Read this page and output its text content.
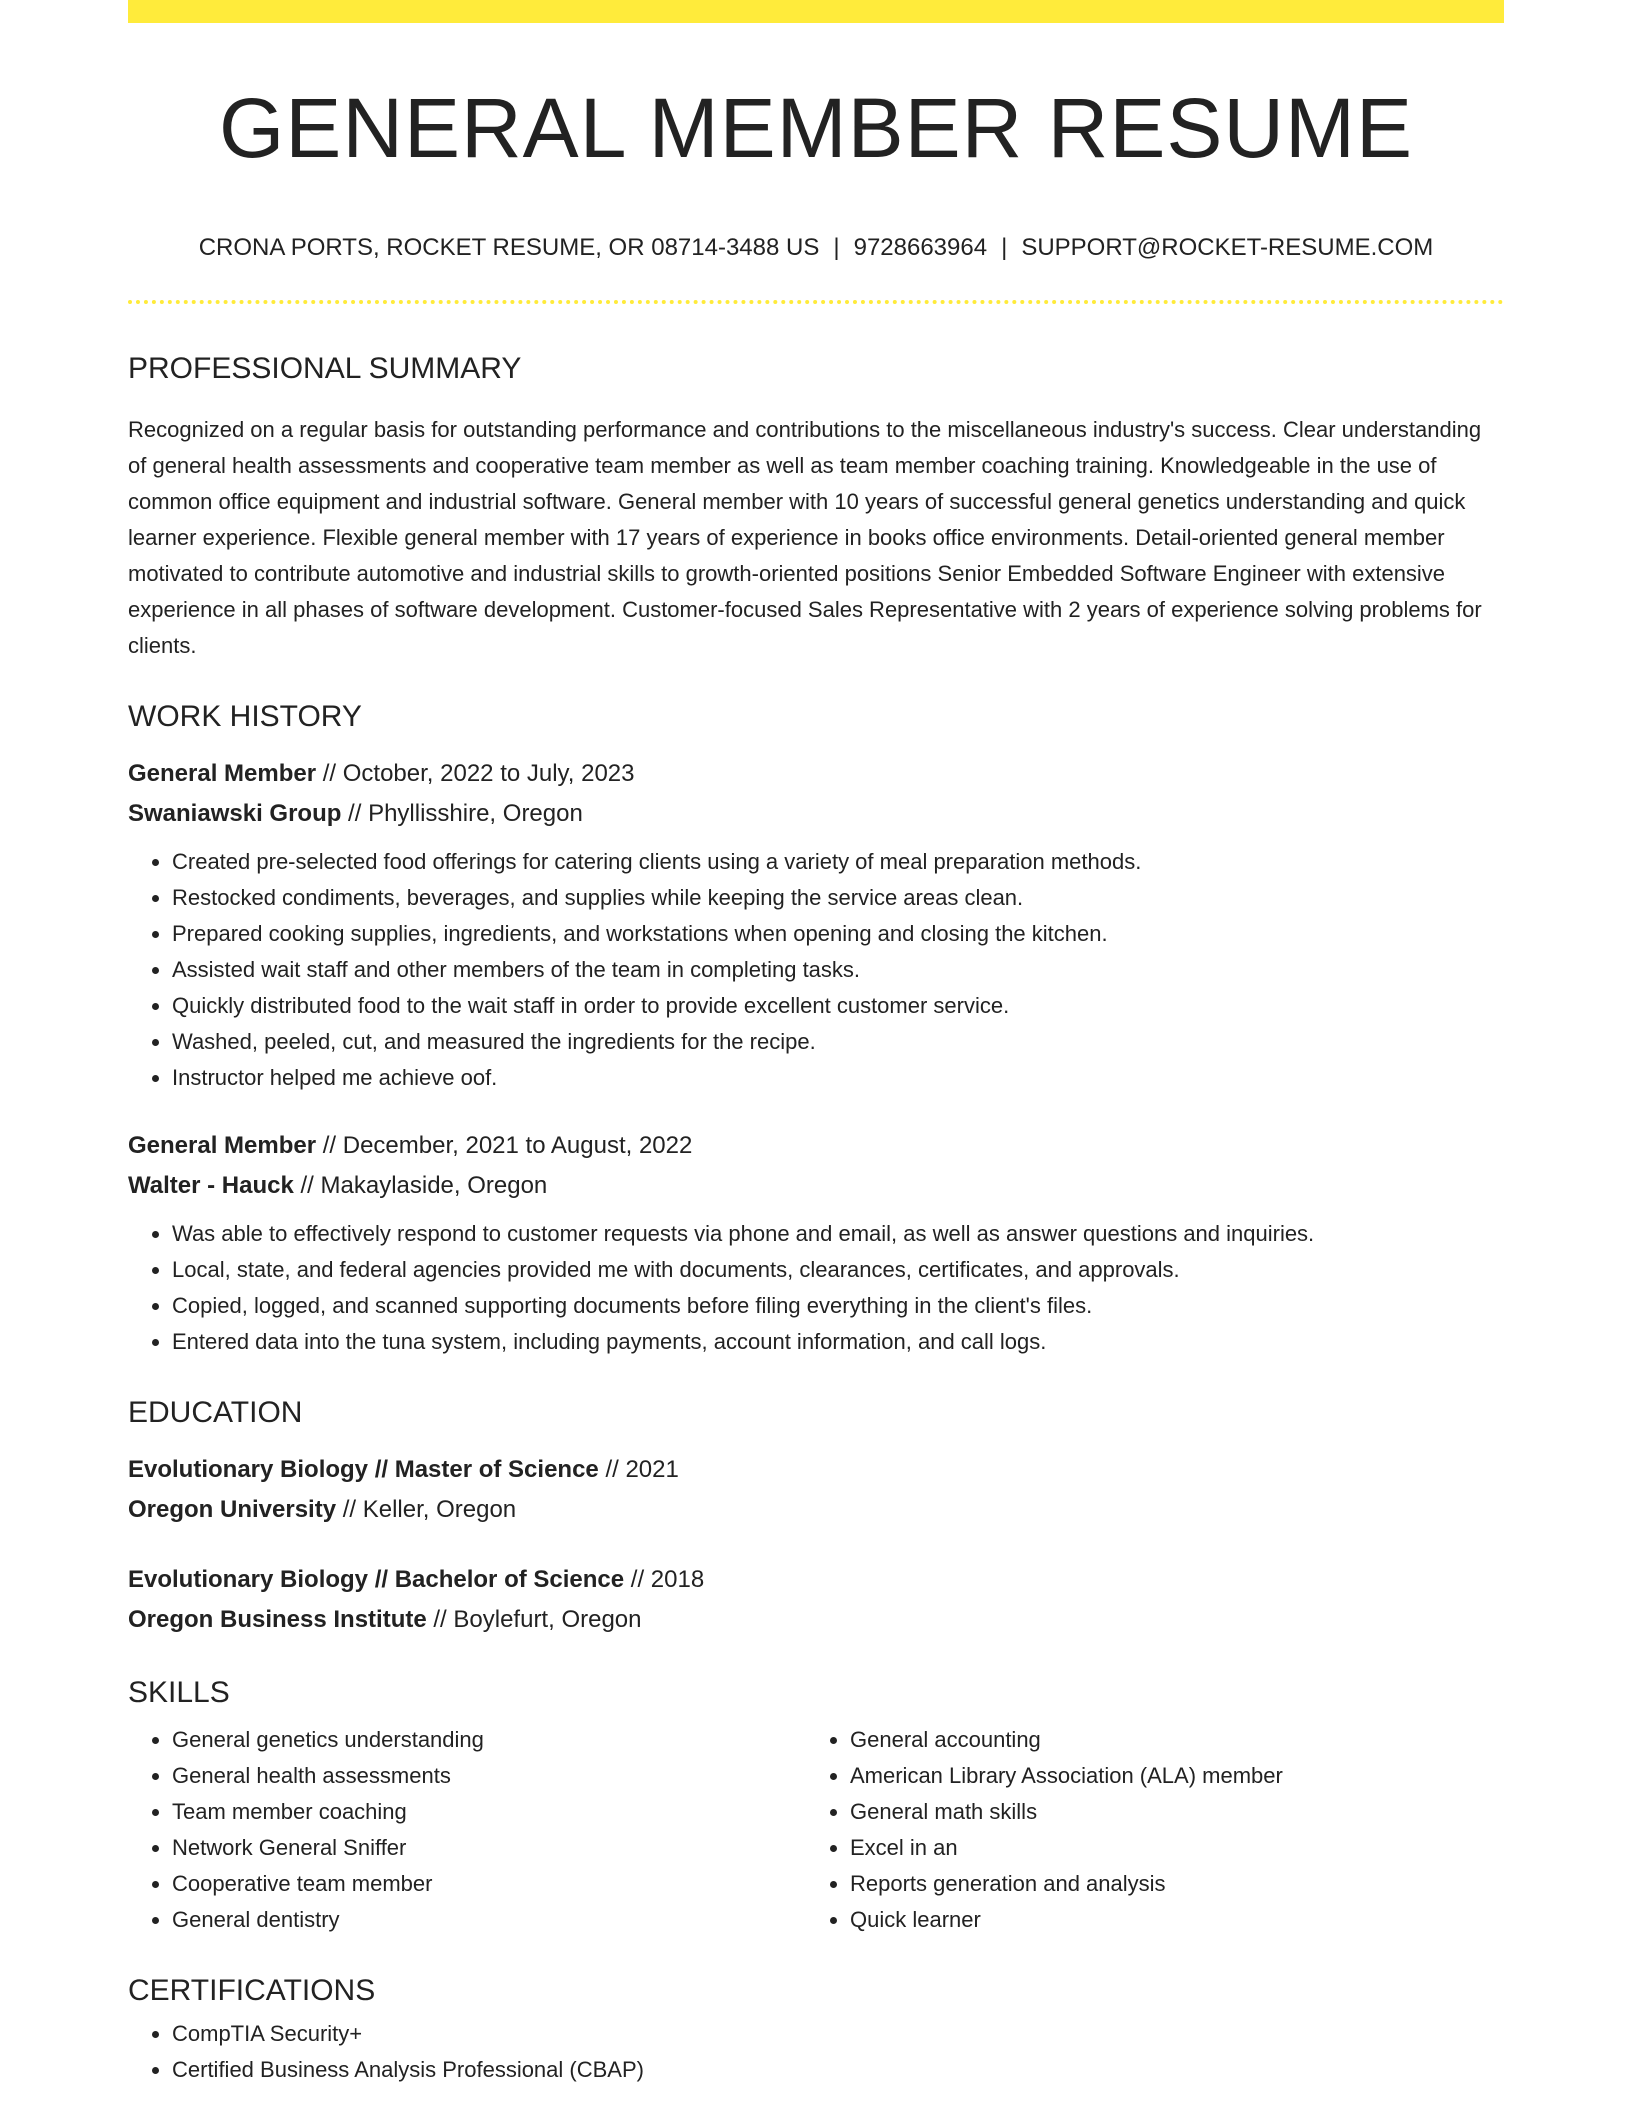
GENERAL MEMBER RESUME
CRONA PORTS, ROCKET RESUME, OR 08714-3488 US | 9728663964 | SUPPORT@ROCKET-RESUME.COM
PROFESSIONAL SUMMARY
Recognized on a regular basis for outstanding performance and contributions to the miscellaneous industry's success. Clear understanding of general health assessments and cooperative team member as well as team member coaching training. Knowledgeable in the use of common office equipment and industrial software. General member with 10 years of successful general genetics understanding and quick learner experience. Flexible general member with 17 years of experience in books office environments. Detail-oriented general member motivated to contribute automotive and industrial skills to growth-oriented positions Senior Embedded Software Engineer with extensive experience in all phases of software development. Customer-focused Sales Representative with 2 years of experience solving problems for clients.
WORK HISTORY
General Member // October, 2022 to July, 2023
Swaniawski Group // Phyllisshire, Oregon
• Created pre-selected food offerings for catering clients using a variety of meal preparation methods.
• Restocked condiments, beverages, and supplies while keeping the service areas clean.
• Prepared cooking supplies, ingredients, and workstations when opening and closing the kitchen.
• Assisted wait staff and other members of the team in completing tasks.
• Quickly distributed food to the wait staff in order to provide excellent customer service.
• Washed, peeled, cut, and measured the ingredients for the recipe.
• Instructor helped me achieve oof.
General Member // December, 2021 to August, 2022
Walter - Hauck // Makaylaside, Oregon
• Was able to effectively respond to customer requests via phone and email, as well as answer questions and inquiries.
• Local, state, and federal agencies provided me with documents, clearances, certificates, and approvals.
• Copied, logged, and scanned supporting documents before filing everything in the client's files.
• Entered data into the tuna system, including payments, account information, and call logs.
EDUCATION
Evolutionary Biology // Master of Science // 2021
Oregon University // Keller, Oregon
Evolutionary Biology // Bachelor of Science // 2018
Oregon Business Institute // Boylefurt, Oregon
SKILLS
• General genetics understanding
• General health assessments
• Team member coaching
• Network General Sniffer
• Cooperative team member
• General dentistry
• General accounting
• American Library Association (ALA) member
• General math skills
• Excel in an
• Reports generation and analysis
• Quick learner
CERTIFICATIONS
• CompTIA Security+
• Certified Business Analysis Professional (CBAP)
